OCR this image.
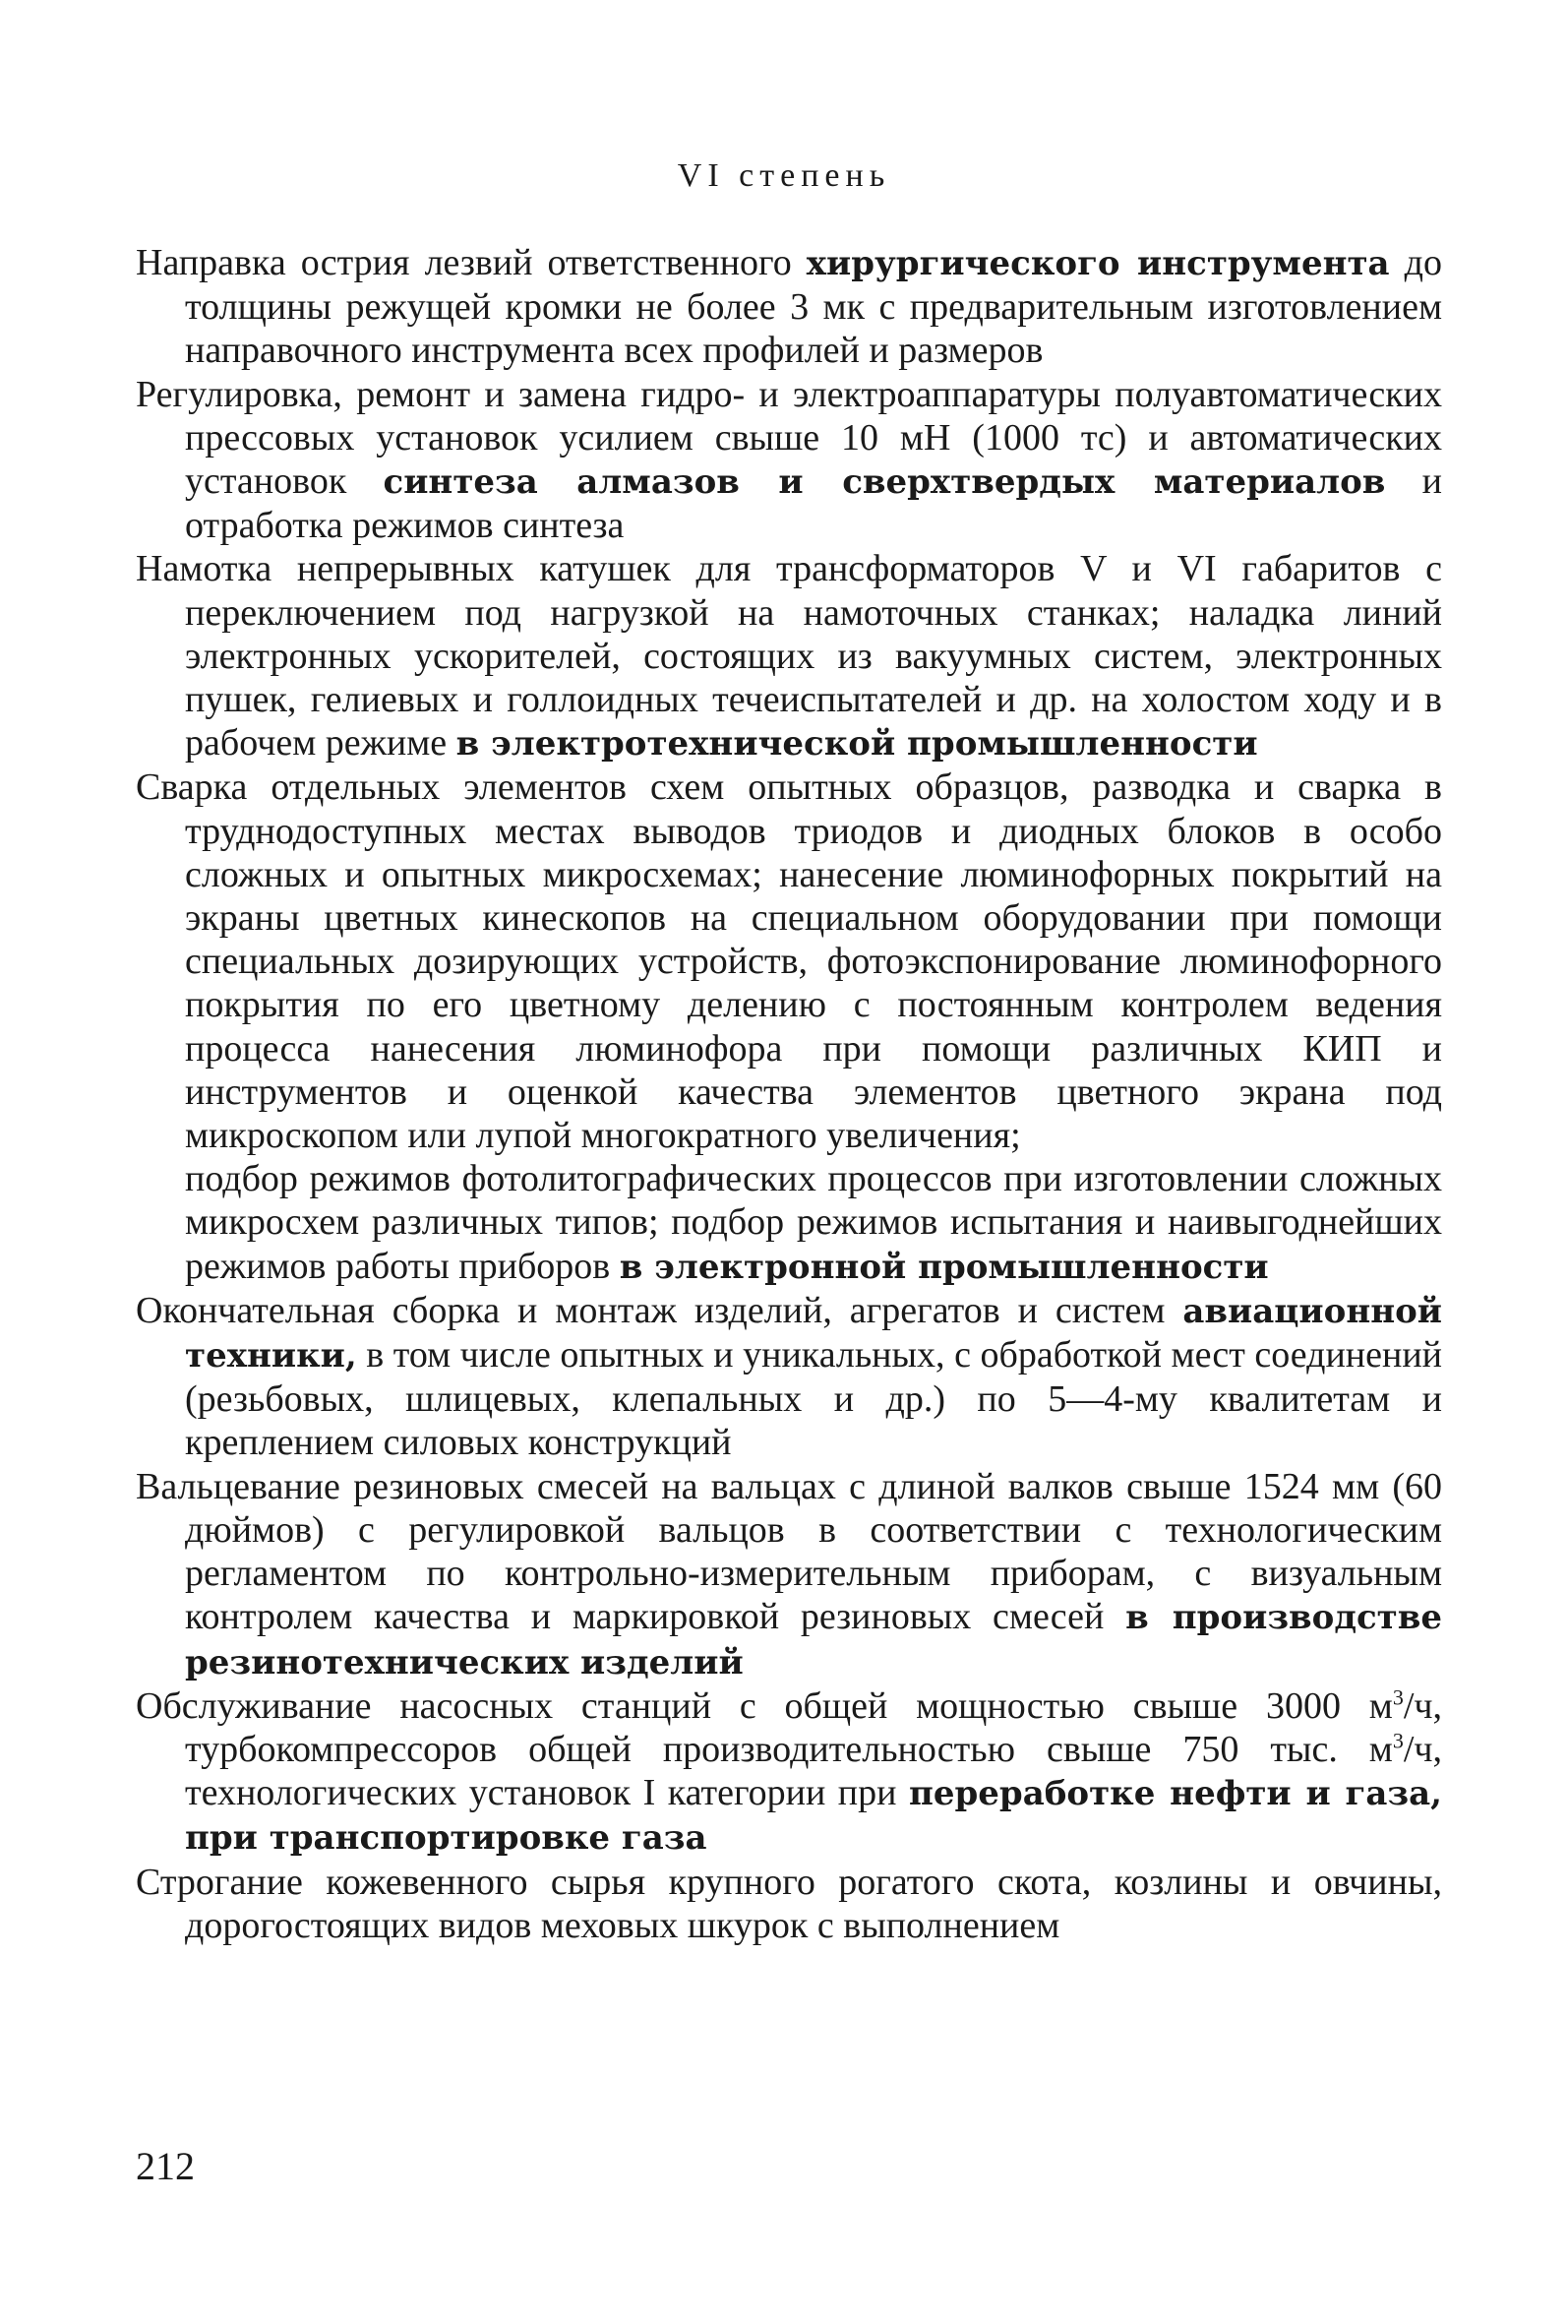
VI степень

Направка острия лезвий ответственного хирургического инструмента до толщины режущей кромки не более 3 мк с предварительным изготовлением направочного инструмента всех профилей и размеров

Регулировка, ремонт и замена гидро- и электроаппаратуры полуавтоматических прессовых установок усилием свыше 10 мН (1000 тс) и автоматических установок синтеза алмазов и сверхтвердых материалов и отработка режимов синтеза

Намотка непрерывных катушек для трансформаторов V и VI габаритов с переключением под нагрузкой на намоточных станках; наладка линий электронных ускорителей, состоящих из вакуумных систем, электронных пушек, гелиевых и голлоидных течеиспытателей и др. на холостом ходу и в рабочем режиме в электротехнической промышленности

Сварка отдельных элементов схем опытных образцов, разводка и сварка в труднодоступных местах выводов триодов и диодных блоков в особо сложных и опытных микросхемах; нанесение люминофорных покрытий на экраны цветных кинескопов на специальном оборудовании при помощи специальных дозирующих устройств, фотоэкспонирование люминофорного покрытия по его цветному делению с постоянным контролем ведения процесса нанесения люминофора при помощи различных КИП и инструментов и оценкой качества элементов цветного экрана под микроскопом или лупой многократного увеличения;

подбор режимов фотолитографических процессов при изготовлении сложных микросхем различных типов; подбор режимов испытания и наивыгоднейших режимов работы приборов в электронной промышленности

Окончательная сборка и монтаж изделий, агрегатов и систем авиационной техники, в том числе опытных и уникальных, с обработкой мест соединений (резьбовых, шлицевых, клепальных и др.) по 5—4-му квалитетам и креплением силовых конструкций

Вальцевание резиновых смесей на вальцах с длиной валков свыше 1524 мм (60 дюймов) с регулировкой вальцов в соответствии с технологическим регламентом по контрольно-измерительным приборам, с визуальным контролем качества и маркировкой резиновых смесей в производстве резинотехнических изделий

Обслуживание насосных станций с общей мощностью свыше 3000 $м^3/ч$, турбокомпрессоров общей производительностью свыше 750 тыс. $м^3/ч$, технологических установок I категории при переработке нефти и газа, при транспортировке газа

Строгание кожевенного сырья крупного рогатого скота, козлины и овчины, дорогостоящих видов меховых шкурок с выполнением

212
